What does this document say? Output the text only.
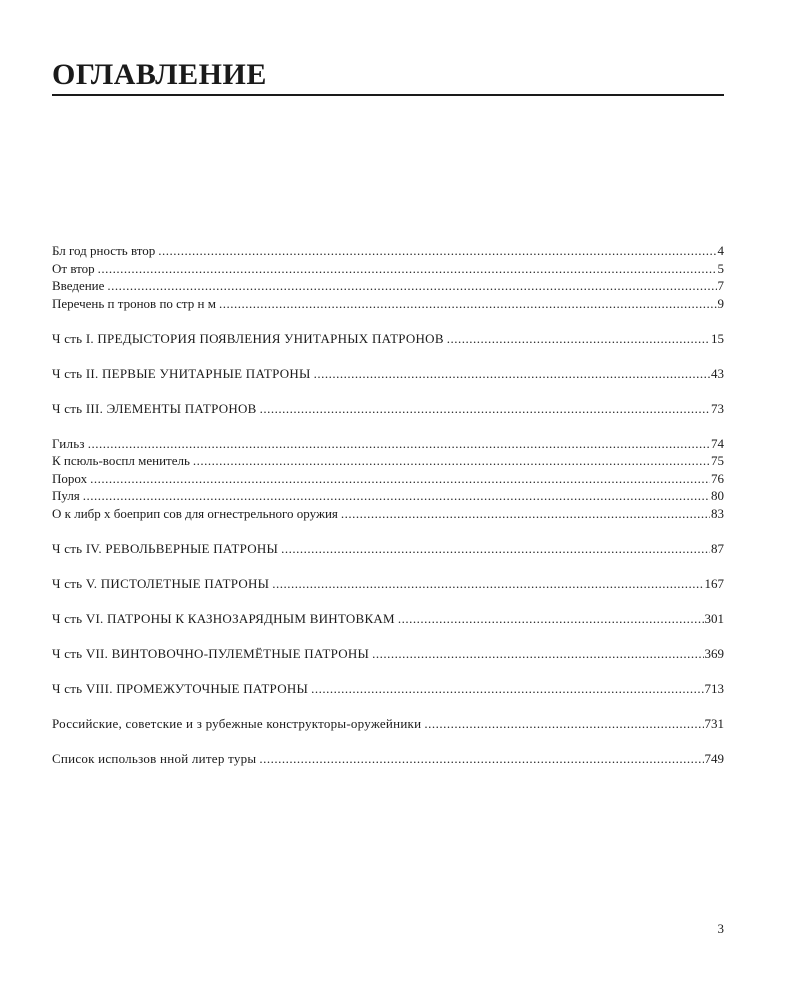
ОГЛАВЛЕНИЕ
Бл год рность втор .....	4
От втор .....	5
Введение .....	7
Перечень п тронов по стр н м .....	9
Ч сть I. ПРЕДЫСТОРИЯ ПОЯВЛЕНИЯ УНИТАРНЫХ ПАТРОНОВ .....	15
Ч сть II. ПЕРВЫЕ УНИТАРНЫЕ ПАТРОНЫ .....	43
Ч сть III. ЭЛЕМЕНТЫ ПАТРОНОВ .....	73
Гильз .....	74
К псюль-воспл менитель .....	75
Порох .....	76
Пуля .....	80
О к либр х боеприп сов для огнестрельного оружия .....	83
Ч сть IV. РЕВОЛЬВЕРНЫЕ ПАТРОНЫ .....	87
Ч сть V. ПИСТОЛЕТНЫЕ ПАТРОНЫ .....	167
Ч сть VI. ПАТРОНЫ К КАЗНОЗАРЯДНЫМ ВИНТОВКАМ .....	301
Ч сть VII. ВИНТОВОЧНО-ПУЛЕМЁТНЫЕ ПАТРОНЫ .....	369
Ч сть VIII. ПРОМЕЖУТОЧНЫЕ ПАТРОНЫ .....	713
Российские, советские и з рубежные конструкторы-оружейники .....	731
Список использов нной литер туры .....	749

3
